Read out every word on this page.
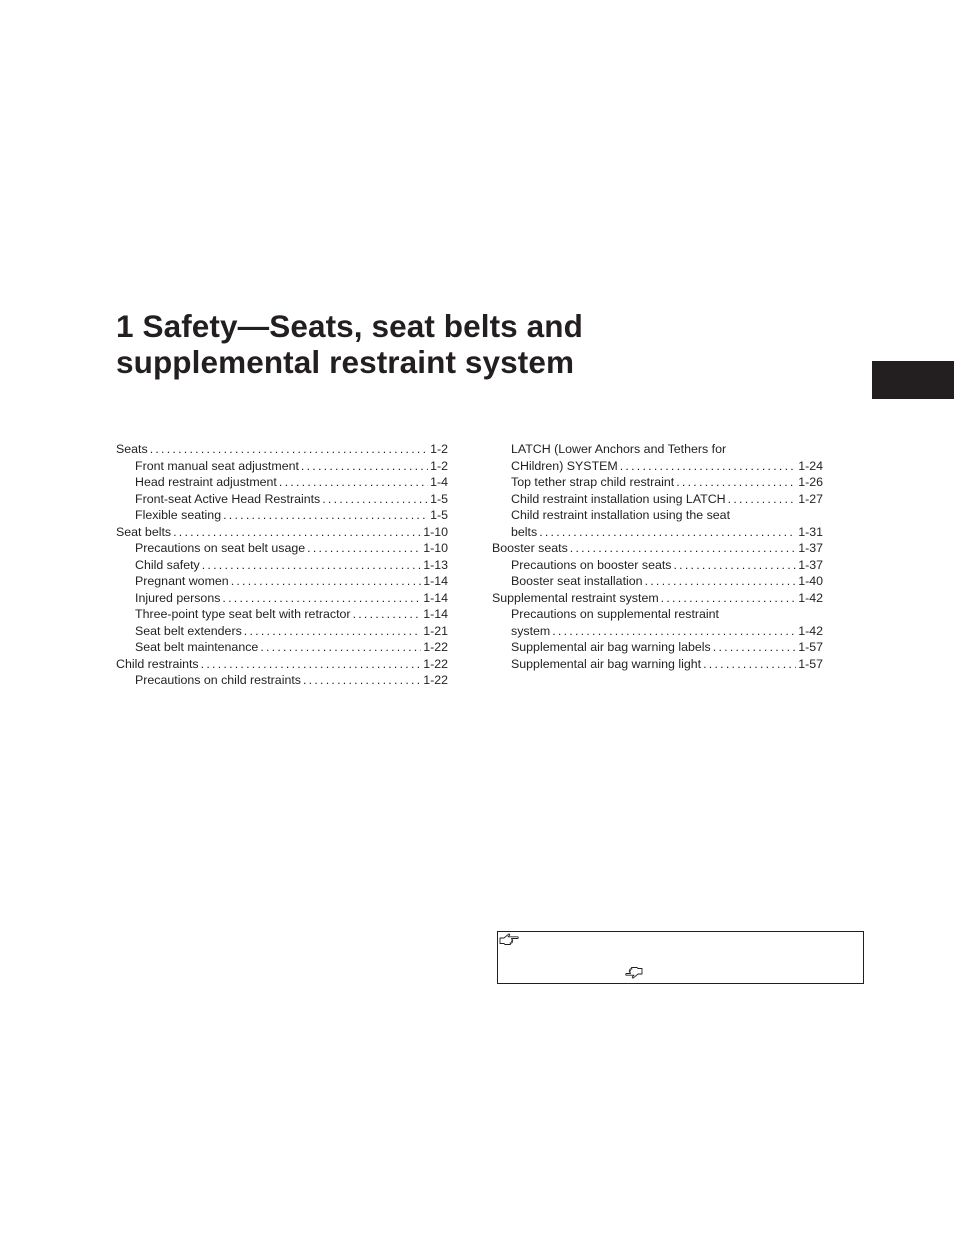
1 Safety—Seats, seat belts and
supplemental restraint system
Seats . . .	1-2
Front manual seat adjustment . . .	1-2
Head restraint adjustment . . .	1-4
Front-seat Active Head Restraints . . .	1-5
Flexible seating . . .	1-5
Seat belts . . .	1-10
Precautions on seat belt usage . . .	1-10
Child safety . . .	1-13
Pregnant women . . .	1-14
Injured persons . . .	1-14
Three-point type seat belt with retractor . . .	1-14
Seat belt extenders . . .	1-21
Seat belt maintenance . . .	1-22
Child restraints . . .	1-22
Precautions on child restraints . . .	1-22
LATCH (Lower Anchors and Tethers for
CHildren) SYSTEM . . .	1-24
Top tether strap child restraint . . .	1-26
Child restraint installation using LATCH . . .	1-27
Child restraint installation using the seat
belts . . .	1-31
Booster seats . . .	1-37
Precautions on booster seats . . .	1-37
Booster seat installation . . .	1-40
Supplemental restraint system . . .	1-42
Precautions on supplemental restraint
system . . .	1-42
Supplemental air bag warning labels . . .	1-57
Supplemental air bag warning light . . .	1-57
